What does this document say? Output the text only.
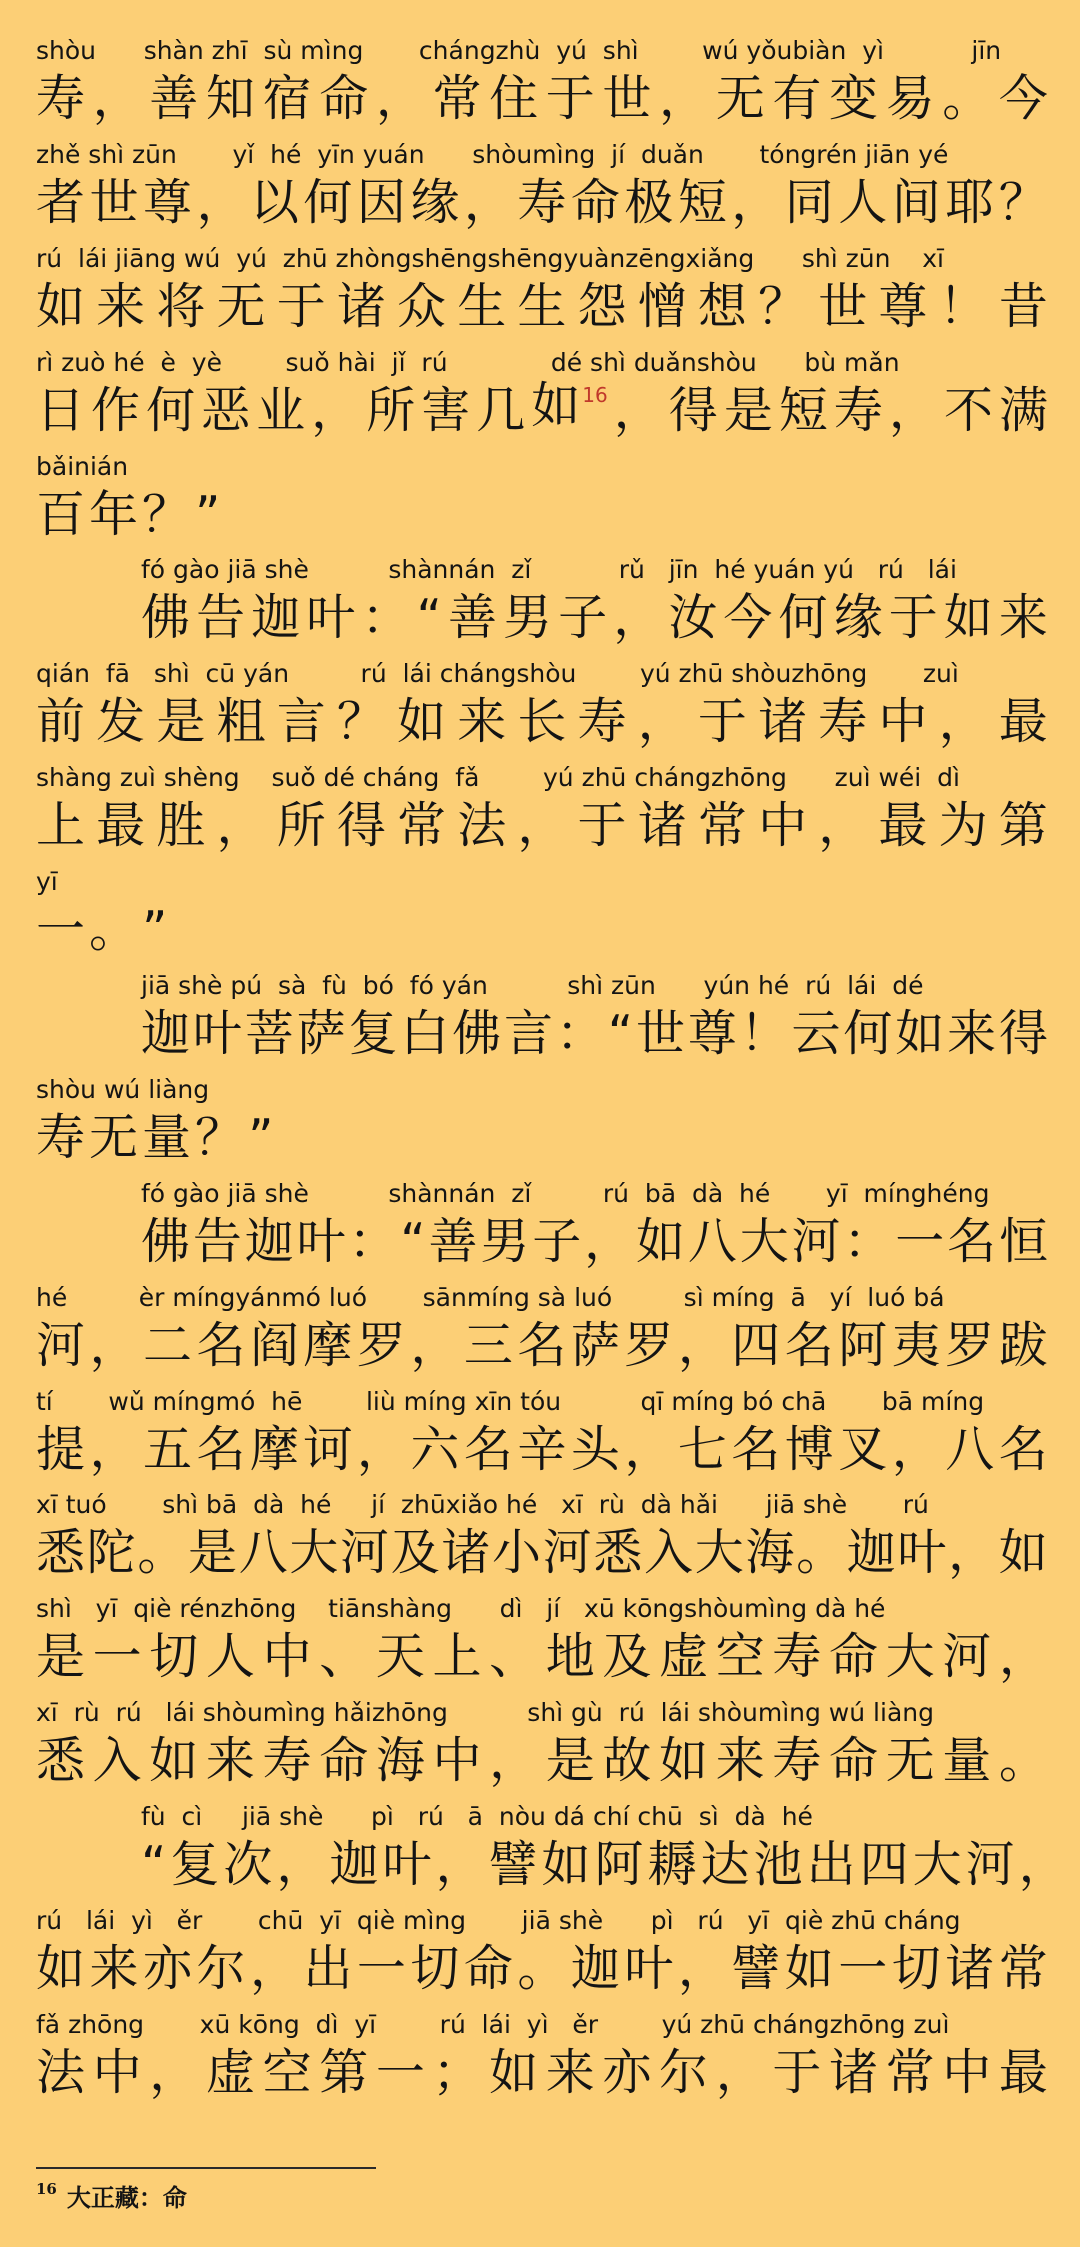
shòu      shàn zhī  sù mìng       chángzhù  yú  shì        wú yǒubiàn  yì           jīn
寿 ， 善 知 宿 命 ， 常 住 于 世 ， 无 有 变 易 。 今
zhě shì zūn       yǐ  hé  yīn yuán      shòumìng  jí  duǎn       tóngrén jiān yé
者 世 尊 ， 以 何 因 缘 ， 寿 命 极 短 ， 同 人 间 耶 ？
rú  lái jiāng wú  yú  zhū zhòngshēngshēngyuànzēngxiǎng      shì zūn    xī
如 来 将 无 于 诸 众 生 生 怨 憎 想 ？ 世 尊 ！ 昔
rì zuò hé  è  yè        suǒ hài  jǐ  rú             dé shì duǎnshòu      bù mǎn
日 作 何 恶 业 ， 所 害 几 如 $^{16}$ ， 得 是 短 寿 ， 不 满
bǎinián
百 年 ？ ”
fó gào jiā shè          shànnán  zǐ           rǔ   jīn  hé yuán yú   rú   lái
佛 告 迦 叶 ： “ 善 男 子 ， 汝 今 何 缘 于 如 来
qián  fā   shì  cū yán         rú  lái chángshòu        yú zhū shòuzhōng       zuì
前 发 是 粗 言 ？ 如 来 长 寿 ， 于 诸 寿 中 ， 最
shàng zuì shèng    suǒ dé cháng  fǎ        yú zhū chángzhōng      zuì wéi  dì
上 最 胜 ， 所 得 常 法 ， 于 诸 常 中 ， 最 为 第
yī
一 。 ”
jiā shè pú  sà  fù  bó  fó yán          shì zūn      yún hé  rú  lái  dé
迦 叶 菩 萨 复 白 佛 言 ： “ 世 尊 ！ 云 何 如 来 得
shòu wú liàng
寿 无 量 ？ ”
fó gào jiā shè          shànnán  zǐ         rú  bā  dà  hé       yī  mínghéng
佛 告 迦 叶 ： “ 善 男 子 ， 如 八 大 河 ： 一 名 恒
hé         èr míngyánmó luó       sānmíng sà luó         sì míng  ā   yí  luó bá
河 ， 二 名 阎 摩 罗 ， 三 名 萨 罗 ， 四 名 阿 夷 罗 跋
tí       wǔ míngmó  hē        liù míng xīn tóu          qī míng bó chā       bā míng
提 ， 五 名 摩 诃 ， 六 名 辛 头 ， 七 名 博 叉 ， 八 名
xī tuó       shì bā  dà  hé     jí  zhūxiǎo hé   xī  rù  dà hǎi      jiā shè       rú
悉 陀 。 是 八 大 河 及 诸 小 河 悉 入 大 海 。 迦 叶 ， 如
shì   yī  qiè rénzhōng    tiānshàng      dì   jí   xū kōngshòumìng dà hé
是 一 切 人 中 、 天 上 、 地 及 虚 空 寿 命 大 河 ，
xī  rù  rú   lái shòumìng hǎizhōng          shì gù  rú  lái shòumìng wú liàng
悉 入 如 来 寿 命 海 中 ， 是 故 如 来 寿 命 无 量 。
fù  cì     jiā shè      pì   rú   ā  nòu dá chí chū  sì  dà  hé
“ 复 次 ， 迦 叶 ， 譬 如 阿 耨 达 池 出 四 大 河 ，
rú   lái  yì   ěr       chū  yī  qiè mìng       jiā shè      pì   rú   yī  qiè zhū cháng
如 来 亦 尔 ， 出 一 切 命 。 迦 叶 ， 譬 如 一 切 诸 常
fǎ zhōng       xū kōng  dì  yī        rú  lái  yì   ěr        yú zhū chángzhōng zuì
法 中 ， 虚 空 第 一 ； 如 来 亦 尔 ， 于 诸 常 中 最
$^{16}$ 大正藏：命
